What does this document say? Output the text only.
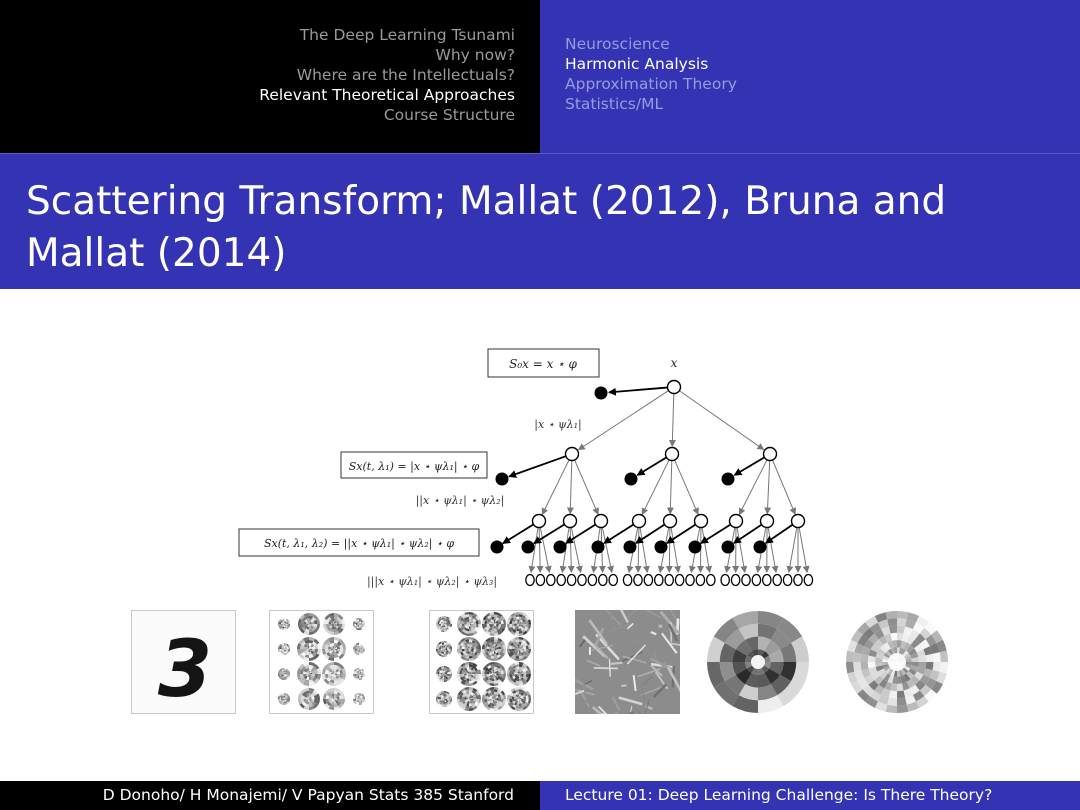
The Deep Learning Tsunami
Why now?
Where are the Intellectuals?
Relevant Theoretical Approaches
Course Structure
Neuroscience
Harmonic Analysis
Approximation Theory
Statistics/ML
Scattering Transform; Mallat (2012), Bruna and Mallat (2014)
S₀x = x ⋆ φ	x
|x ⋆ ψλ₁|
Sx(t, λ₁) = |x ⋆ ψλ₁| ⋆ φ
||x ⋆ ψλ₁| ⋆ ψλ₂|
Sx(t, λ₁, λ₂) = ||x ⋆ ψλ₁| ⋆ ψλ₂| ⋆ φ
|||x ⋆ ψλ₁| ⋆ ψλ₂| ⋆ ψλ₃|
3
D Donoho/ H Monajemi/ V Papyan Stats 385 Stanford	Lecture 01: Deep Learning Challenge: Is There Theory?
